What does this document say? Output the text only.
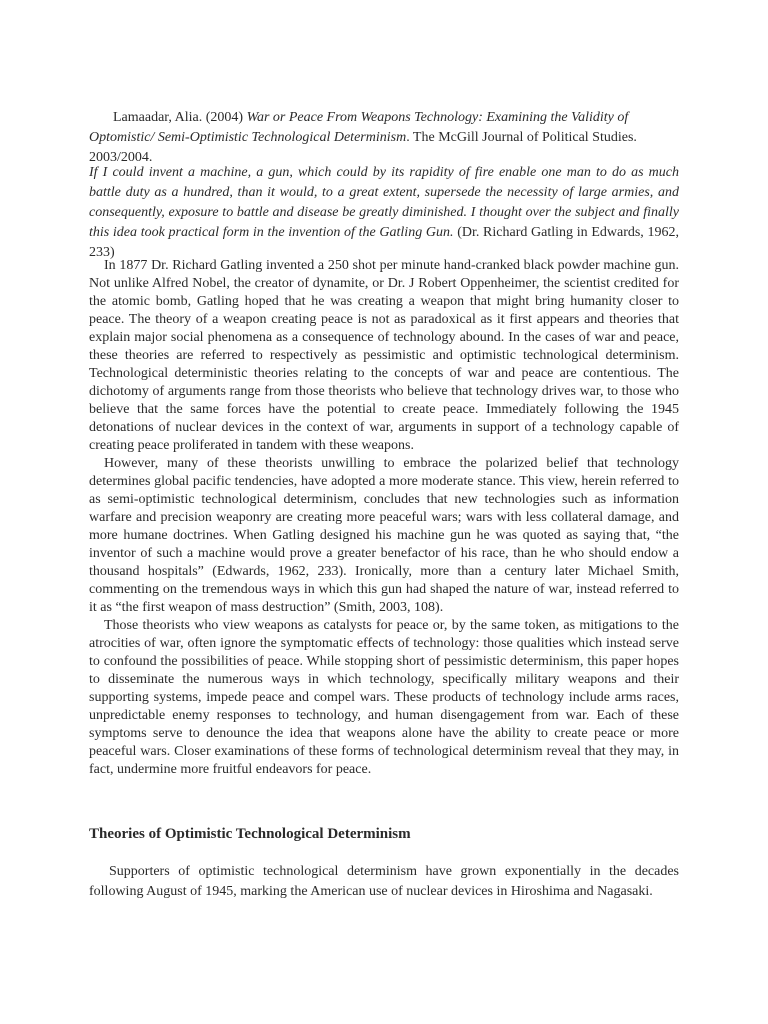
Lamaadar, Alia. (2004) War or Peace From Weapons Technology: Examining the Validity of Optomistic/ Semi-Optimistic Technological Determinism. The McGill Journal of Political Studies. 2003/2004.

If I could invent a machine, a gun, which could by its rapidity of fire enable one man to do as much battle duty as a hundred, than it would, to a great extent, supersede the necessity of large armies, and consequently, exposure to battle and disease be greatly diminished. I thought over the subject and finally this idea took practical form in the invention of the Gatling Gun. (Dr. Richard Gatling in Edwards, 1962, 233)

In 1877 Dr. Richard Gatling invented a 250 shot per minute hand-cranked black powder machine gun. Not unlike Alfred Nobel, the creator of dynamite, or Dr. J Robert Oppenheimer, the scientist credited for the atomic bomb, Gatling hoped that he was creating a weapon that might bring humanity closer to peace. The theory of a weapon creating peace is not as paradoxical as it first appears and theories that explain major social phenomena as a consequence of technology abound. In the cases of war and peace, these theories are referred to respectively as pessimistic and optimistic technological determinism. Technological deterministic theories relating to the concepts of war and peace are contentious. The dichotomy of arguments range from those theorists who believe that technology drives war, to those who believe that the same forces have the potential to create peace. Immediately following the 1945 detonations of nuclear devices in the context of war, arguments in support of a technology capable of creating peace proliferated in tandem with these weapons.

However, many of these theorists unwilling to embrace the polarized belief that technology determines global pacific tendencies, have adopted a more moderate stance. This view, herein referred to as semi-optimistic technological determinism, concludes that new technologies such as information warfare and precision weaponry are creating more peaceful wars; wars with less collateral damage, and more humane doctrines. When Gatling designed his machine gun he was quoted as saying that, “the inventor of such a machine would prove a greater benefactor of his race, than he who should endow a thousand hospitals” (Edwards, 1962, 233). Ironically, more than a century later Michael Smith, commenting on the tremendous ways in which this gun had shaped the nature of war, instead referred to it as “the first weapon of mass destruction” (Smith, 2003, 108).

Those theorists who view weapons as catalysts for peace or, by the same token, as mitigations to the atrocities of war, often ignore the symptomatic effects of technology: those qualities which instead serve to confound the possibilities of peace. While stopping short of pessimistic determinism, this paper hopes to disseminate the numerous ways in which technology, specifically military weapons and their supporting systems, impede peace and compel wars. These products of technology include arms races, unpredictable enemy responses to technology, and human disengagement from war. Each of these symptoms serve to denounce the idea that weapons alone have the ability to create peace or more peaceful wars. Closer examinations of these forms of technological determinism reveal that they may, in fact, undermine more fruitful endeavors for peace.

Theories of Optimistic Technological Determinism

Supporters of optimistic technological determinism have grown exponentially in the decades following August of 1945, marking the American use of nuclear devices in Hiroshima and Nagasaki.
